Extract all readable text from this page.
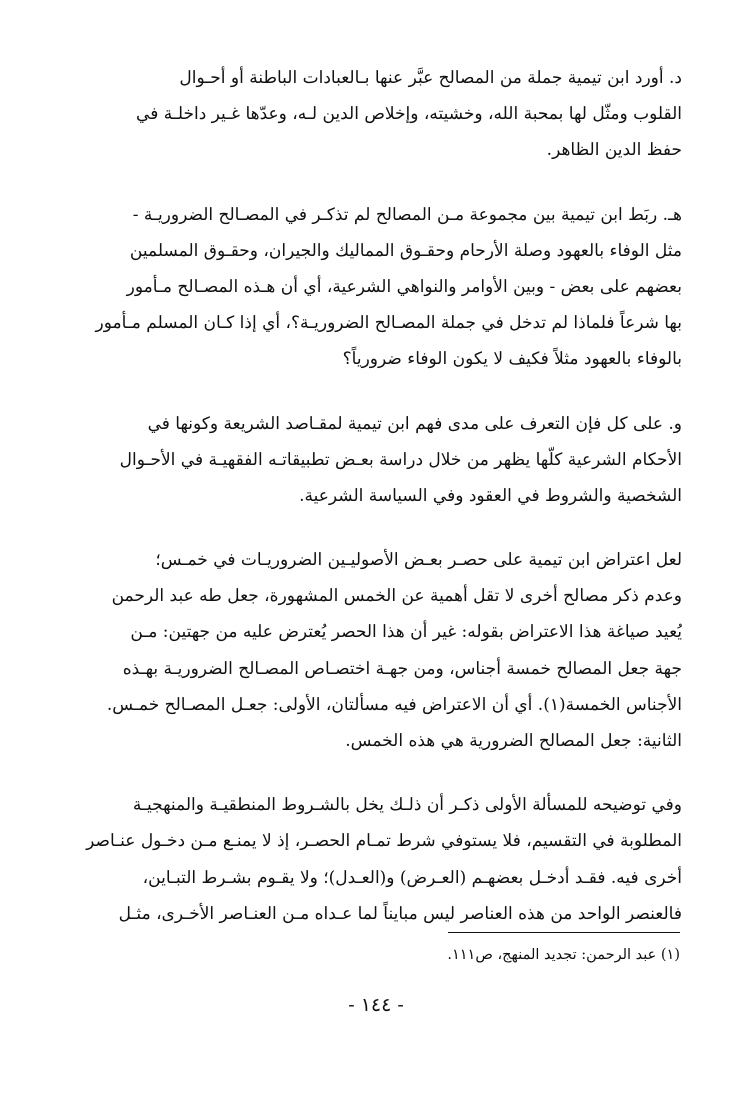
د. أورد ابن تيمية جملة من المصالح عبَّر عنها بـالعبادات الباطنة أو أحـوال
القلوب ومثّل لها بمحبة الله، وخشيته، وإخلاص الدين لـه، وعدّها غـير داخلـة في
حفظ الدين الظاهر.

هـ. ربَط ابن تيمية بين مجموعة مـن المصالح لم تذكـر في المصـالح الضروريـة -
مثل الوفاء بالعهود وصلة الأرحام وحقـوق المماليك والجيران، وحقـوق المسلمين
بعضهم على بعض - وبين الأوامر والنواهي الشرعية، أي أن هـذه المصـالح مـأمور
بها شرعاً فلماذا لم تدخل في جملة المصـالح الضروريـة؟، أي إذا كـان المسلم مـأمور
بالوفاء بالعهود مثلاً فكيف لا يكون الوفاء ضرورياً؟

و. على كل فإن التعرف على مدى فهم ابن تيمية لمقـاصد الشريعة وكونها في
الأحكام الشرعية كلّها يظهر من خلال دراسة بعـض تطبيقاتـه الفقهيـة في الأحـوال
الشخصية والشروط في العقود وفي السياسة الشرعية.

لعل اعتراض ابن تيمية على حصـر بعـض الأصوليـين الضروريـات في خمـس؛
وعدم ذكر مصالح أخرى لا تقل أهمية عن الخمس المشهورة، جعل طه عبد الرحمن
يُعيد صياغة هذا الاعتراض بقوله: غير أن هذا الحصر يُعترض عليه من جهتين: مـن
جهة جعل المصالح خمسة أجناس، ومن جهـة اختصـاص المصـالح الضروريـة بهـذه
الأجناس الخمسة(١). أي أن الاعتراض فيه مسألتان، الأولى: جعـل المصـالح خمـس.
الثانية: جعل المصالح الضرورية هي هذه الخمس.

وفي توضيحه للمسألة الأولى ذكـر أن ذلـك يخل بالشـروط المنطقيـة والمنهجيـة
المطلوبة في التقسيم، فلا يستوفي شرط تمـام الحصـر، إذ لا يمنـع مـن دخـول عنـاصر
أخرى فيه. فقـد أدخـل بعضهـم (العـرض) و(العـدل)؛ ولا يقـوم بشـرط التبـاين،
فالعنصر الواحد من هذه العناصر ليس مبايناً لما عـداه مـن العنـاصر الأخـرى، مثـل

(١) عبد الرحمن: تجديد المنهج، ص١١١.
- ١٤٤ -
